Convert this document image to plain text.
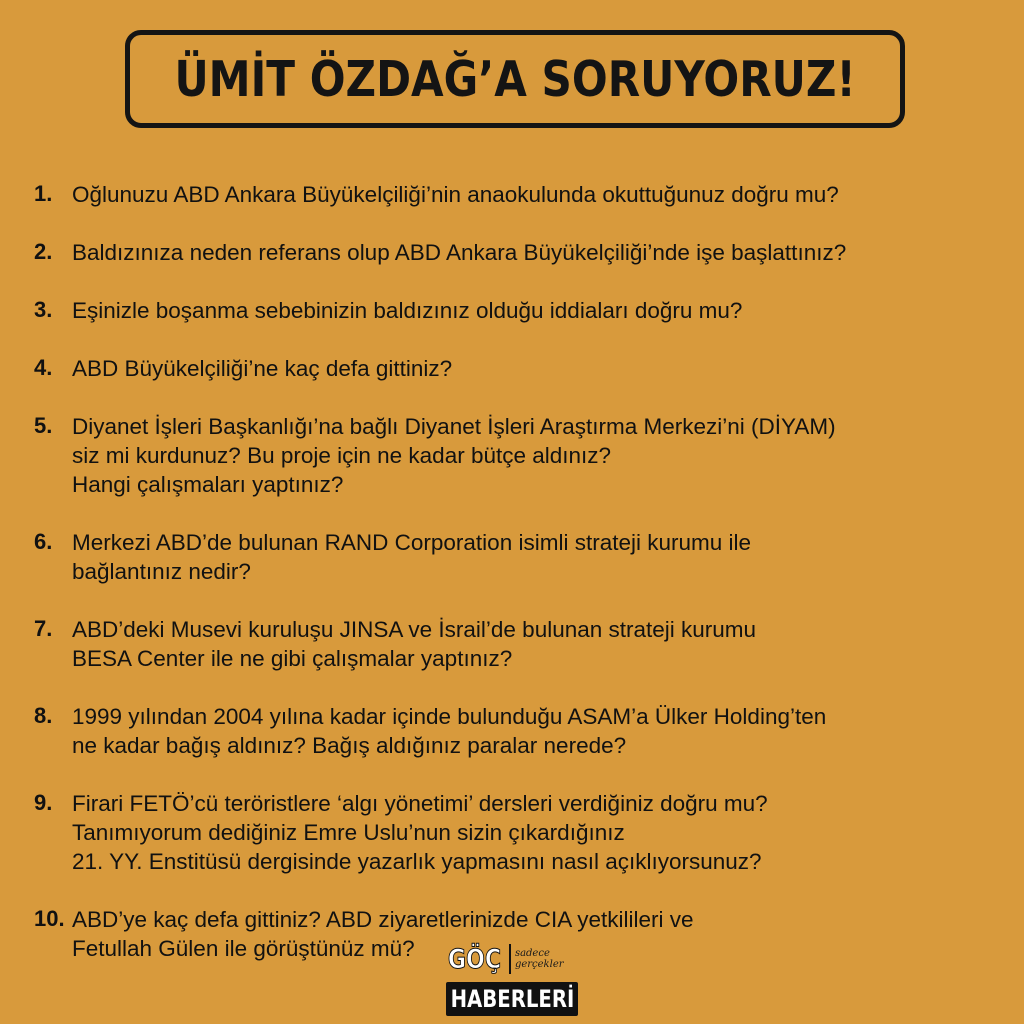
ÜMİT ÖZDAĞ’A SORUYORUZ!
1. Oğlunuzu ABD Ankara Büyükelçiliği’nin anaokulunda okuttuğunuz doğru mu?
2. Baldızınıza neden referans olup ABD Ankara Büyükelçiliği’nde işe başlattınız?
3. Eşinizle boşanma sebebinizin baldızınız olduğu iddiaları doğru mu?
4. ABD Büyükelçiliği’ne kaç defa gittiniz?
5. Diyanet İşleri Başkanlığı’na bağlı Diyanet İşleri Araştırma Merkezi’ni (DİYAM)
siz mi kurdunuz? Bu proje için ne kadar bütçe aldınız?
Hangi çalışmaları yaptınız?
6. Merkezi ABD’de bulunan RAND Corporation isimli strateji kurumu ile
bağlantınız nedir?
7. ABD’deki Musevi kuruluşu JINSA ve İsrail’de bulunan strateji kurumu
BESA Center ile ne gibi çalışmalar yaptınız?
8. 1999 yılından 2004 yılına kadar içinde bulunduğu ASAM’a Ülker Holding’ten
ne kadar bağış aldınız? Bağış aldığınız paralar nerede?
9. Firari FETÖ’cü teröristlere ‘algı yönetimi’ dersleri verdiğiniz doğru mu?
Tanımıyorum dediğiniz Emre Uslu’nun sizin çıkardığınız
21. YY. Enstitüsü dergisinde yazarlık yapmasını nasıl açıklıyorsunuz?
10. ABD’ye kaç defa gittiniz? ABD ziyaretlerinizde CIA yetkilileri ve
Fetullah Gülen ile görüştünüz mü?	GÖÇ sadece
gerçekler
HABERLERİ
